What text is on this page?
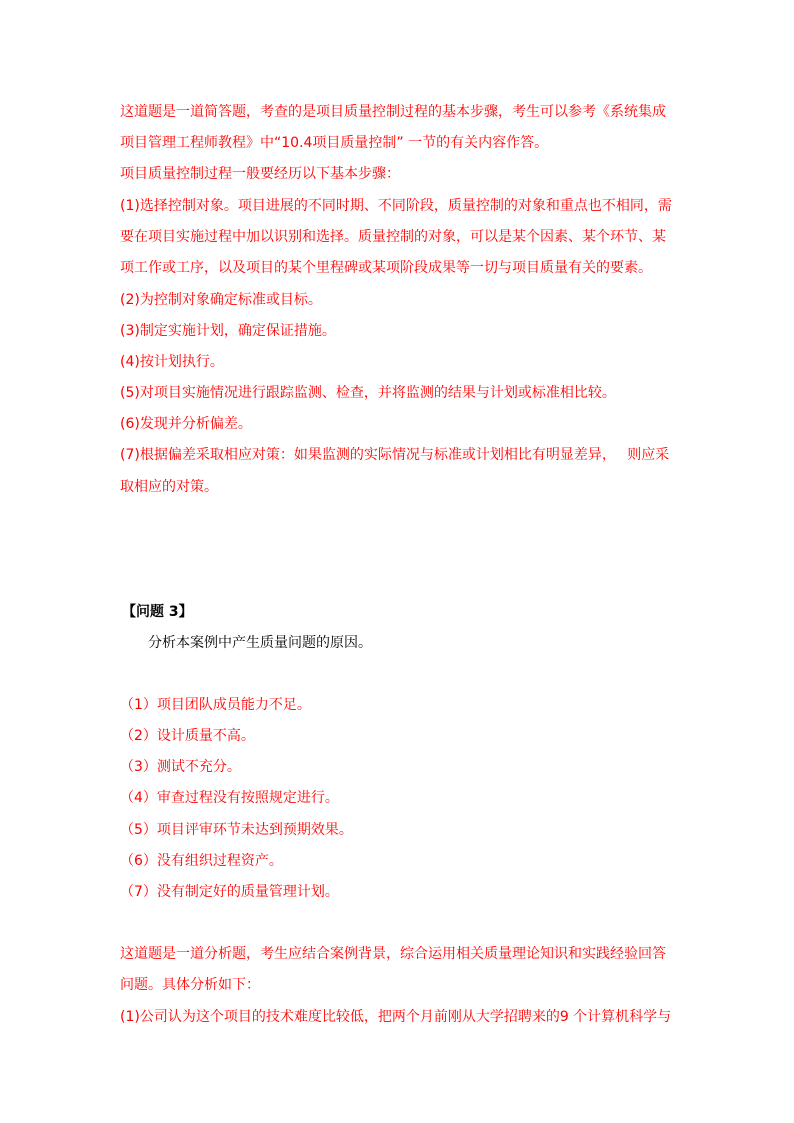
这道题是一道简答题，考查的是项目质量控制过程的基本步骤，考生可以参考《系统集成
项目管理工程师教程》中“10.4项目质量控制” 一节的有关内容作答。
项目质量控制过程一般要经历以下基本步骤：
(1)选择控制对象。项目进展的不同时期、不同阶段，质量控制的对象和重点也不相同，需
要在项目实施过程中加以识别和选择。质量控制的对象，可以是某个因素、某个环节、某
项工作或工序，以及项目的某个里程碑或某项阶段成果等一切与项目质量有关的要素。
(2)为控制对象确定标准或目标。
(3)制定实施计划，确定保证措施。
(4)按计划执行。
(5)对项目实施情况进行跟踪监测、检查，并将监测的结果与计划或标准相比较。
(6)发现并分析偏差。
(7)根据偏差采取相应对策：如果监测的实际情况与标准或计划相比有明显差异，　 则应采
取相应的对策。
【问题 3】
分析本案例中产生质量问题的原因。
（1）项目团队成员能力不足。
（2）设计质量不高。
（3）测试不充分。
（4）审查过程没有按照规定进行。
（5）项目评审环节未达到预期效果。
（6）没有组织过程资产。
（7）没有制定好的质量管理计划。
这道题是一道分析题，考生应结合案例背景，综合运用相关质量理论知识和实践经验回答
问题。具体分析如下：
(1)公司认为这个项目的技术难度比较低，把两个月前刚从大学招聘来的9 个计算机科学与
